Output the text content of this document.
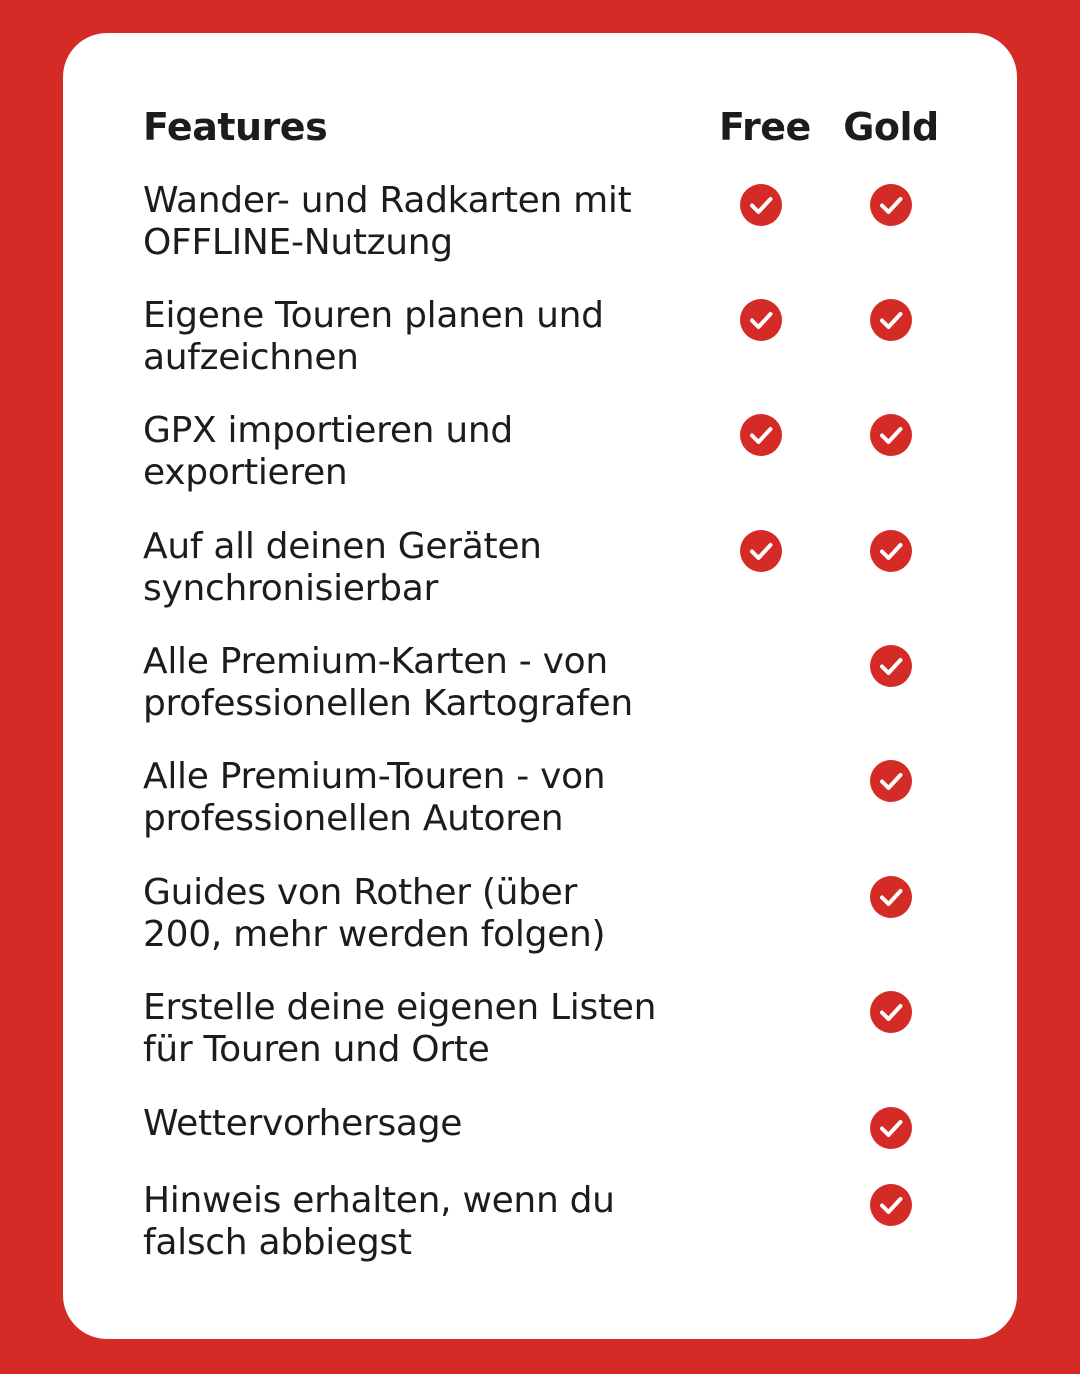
Features	Free Gold
Wander- und Radkarten mit
OFFLINE-Nutzung
Eigene Touren planen und
aufzeichnen
GPX importieren und
exportieren
Auf all deinen Geräten
synchronisierbar
Alle Premium-Karten - von
professionellen Kartografen
Alle Premium-Touren - von
professionellen Autoren
Guides von Rother (über
200, mehr werden folgen)
Erstelle deine eigenen Listen
für Touren und Orte
Wettervorhersage
Hinweis erhalten, wenn du
falsch abbiegst
